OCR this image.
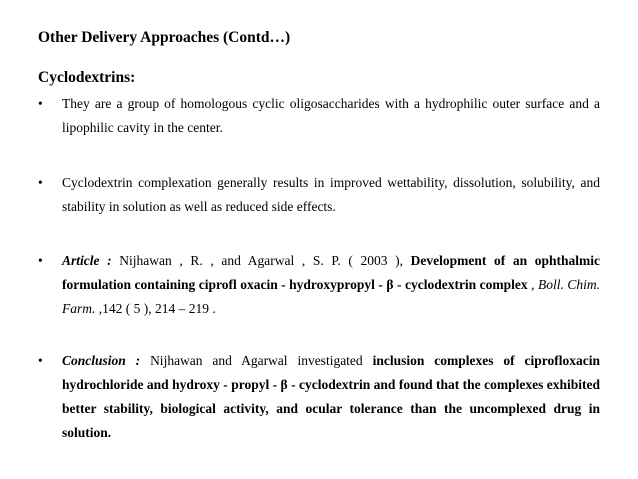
Other Delivery Approaches (Contd…)
Cyclodextrins:
•	They are a group of homologous cyclic oligosaccharides with a hydrophilic outer surface and a lipophilic cavity in the center.
•	Cyclodextrin complexation generally results in improved wettability, dissolution, solubility, and stability in solution as well as reduced side effects.
•	Article : Nijhawan , R. , and Agarwal , S. P. ( 2003 ), Development of an ophthalmic formulation containing ciprofl oxacin - hydroxypropyl - β - cyclodextrin complex , Boll. Chim. Farm. ,142 ( 5 ), 214 – 219 .
•	Conclusion : Nijhawan and Agarwal investigated inclusion complexes of ciprofloxacin hydrochloride and hydroxy - propyl - β - cyclodextrin and found that the complexes exhibited better stability, biological activity, and ocular tolerance than the uncomplexed drug in solution.
